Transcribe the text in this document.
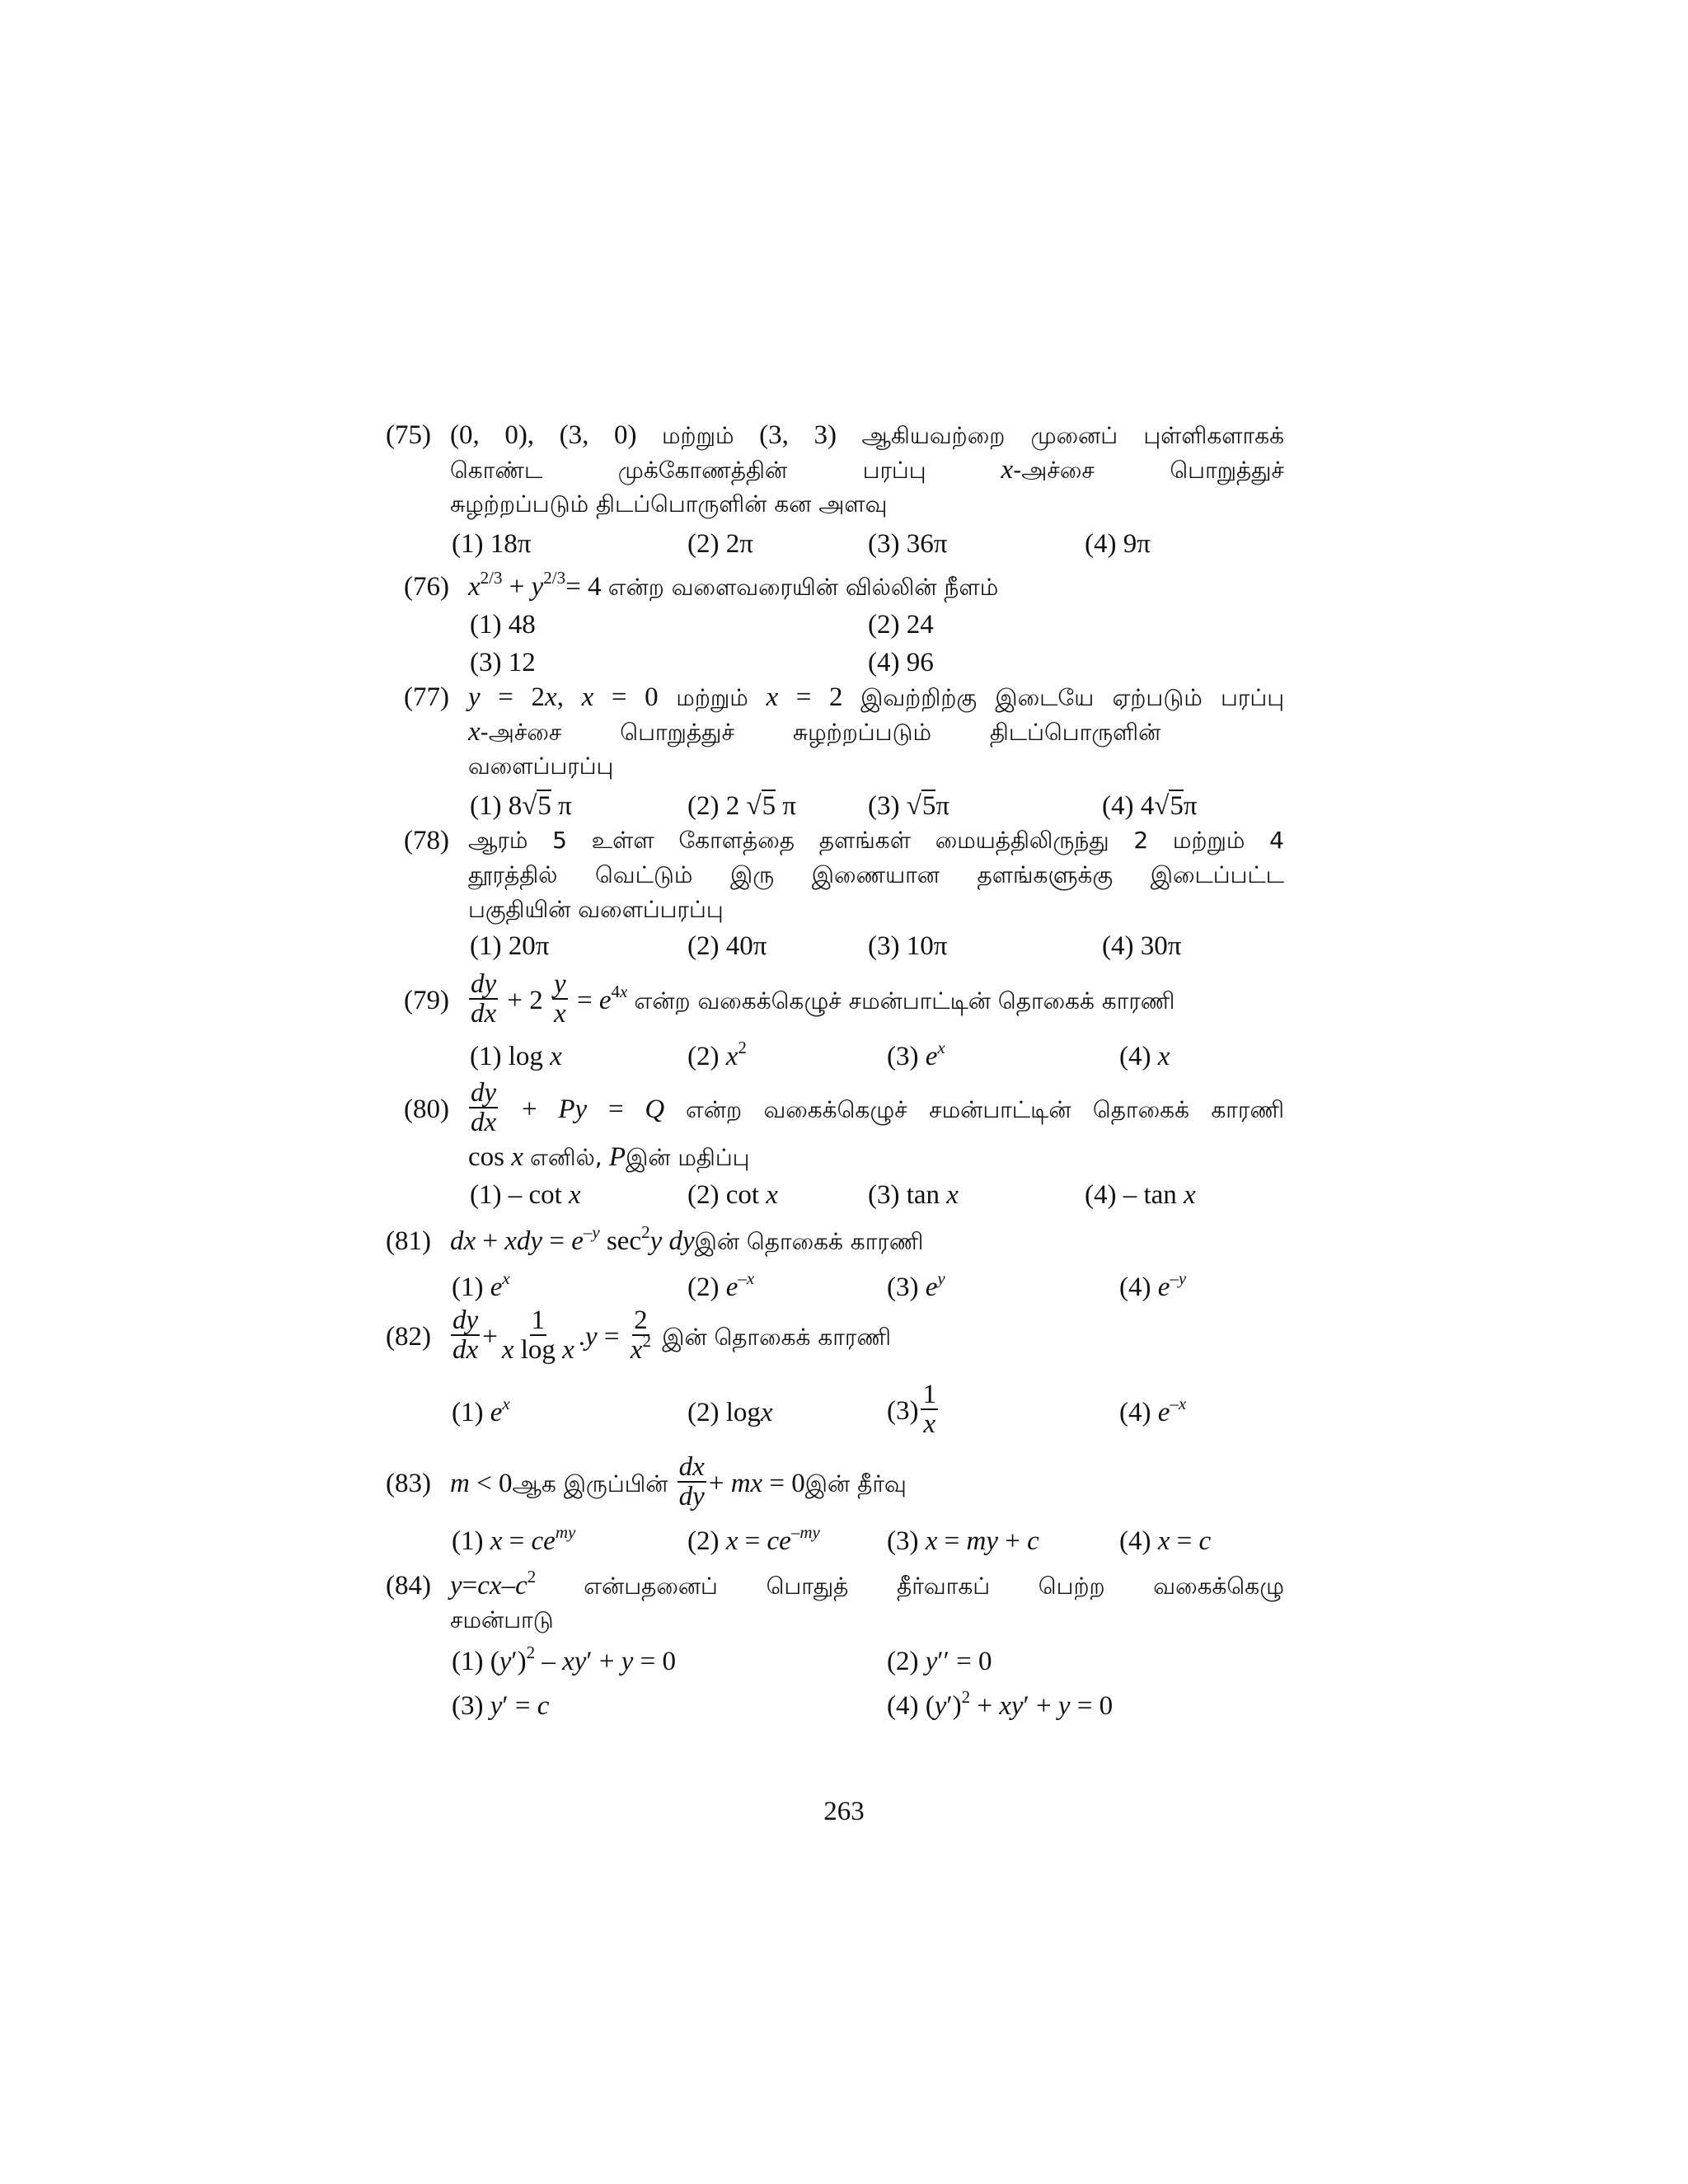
(75) (0, 0), (3, 0) மற்றும் (3, 3) ஆகியவற்றை முனைப் புள்ளிகளாகக்
கொண்ட முக்கோணத்தின் பரப்பு	x-அச்சை பொறுத்துச்
சுழற்றப்படும் திடப்பொருளின் கன அளவு
(1) 18π	(2) 2π	(3) 36π	(4) 9π
(76) $x^{2/3} + y^{2/3}= 4$ என்ற வளைவரையின் வில்லின் நீளம்
(1) 48	(2) 24
(3) 12	(4) 96
(77) y = 2x, x = 0 மற்றும் x = 2 இவற்றிற்கு இடையே ஏற்படும் பரப்பு
x-அச்சை பொறுத்துச் சுழற்றப்படும் திடப்பொருளின்
வளைப்பரப்பு
(1) 8√5 π	(2) 2 √5 π	(3) √5π	(4) 4√5π
(78) ஆரம் 5 உள்ள கோளத்தை தளங்கள் மையத்திலிருந்து 2 மற்றும் 4
தூரத்தில் வெட்டும் இரு இணையான தளங்களுக்கு இடைப்பட்ட
பகுதியின் வளைப்பரப்பு
(1) 20π	(2) 40π	(3) 10π	(4) 30π
$(79) \frac{dy}{dx} + 2 \frac{y}{x} = e^{4x}$ என்ற வகைக்கெழுச் சமன்பாட்டின் தொகைக் காரணி
(1) log x	(2) $x^2$	(3) $e^x$	(4) x
$(80) \frac{dy}{dx} + Py = Q$ என்ற வகைக்கெழுச் சமன்பாட்டின் தொகைக் காரணி
cos x எனில், Pஇன் மதிப்பு
(1) – cot x	(2) cot x	(3) tan x	(4) – tan x
(81) dx + xdy = $e^{-y}$ $\sec^2y$ dyஇன் தொகைக் காரணி
(1) $e^x$	(2) $e^{-x}$	(3) $e^y$	(4) $e^{-y}$
$(82) \frac{dy}{dx} + \frac{1}{\text{x log x}} .y = \frac{2}{x^2}$ இன் தொகைக் காரணி
(1) $e^x$	(2) logx	$(3) \frac{1}{x}$	(4) $e^{-x}$
(83) m < 0ஆக இருப்பின் $\frac{dx}{dy}$ + mx = 0இன் தீர்வு
(1) $x = ce^{my}$	(2) $x = ce^{-my}$ (3) x = my + c	(4) x = c
(84) $y=cx-c^2$ என்பதனைப் பொதுத் தீர்வாகப் பெற்ற வகைக்கெழு
சமன்பாடு
(1) $(y')^2 - xy' + y = 0$	(2) y′′ = 0
(3) y′ = c	(4) $(y')^2 + xy' + y = 0$
263
